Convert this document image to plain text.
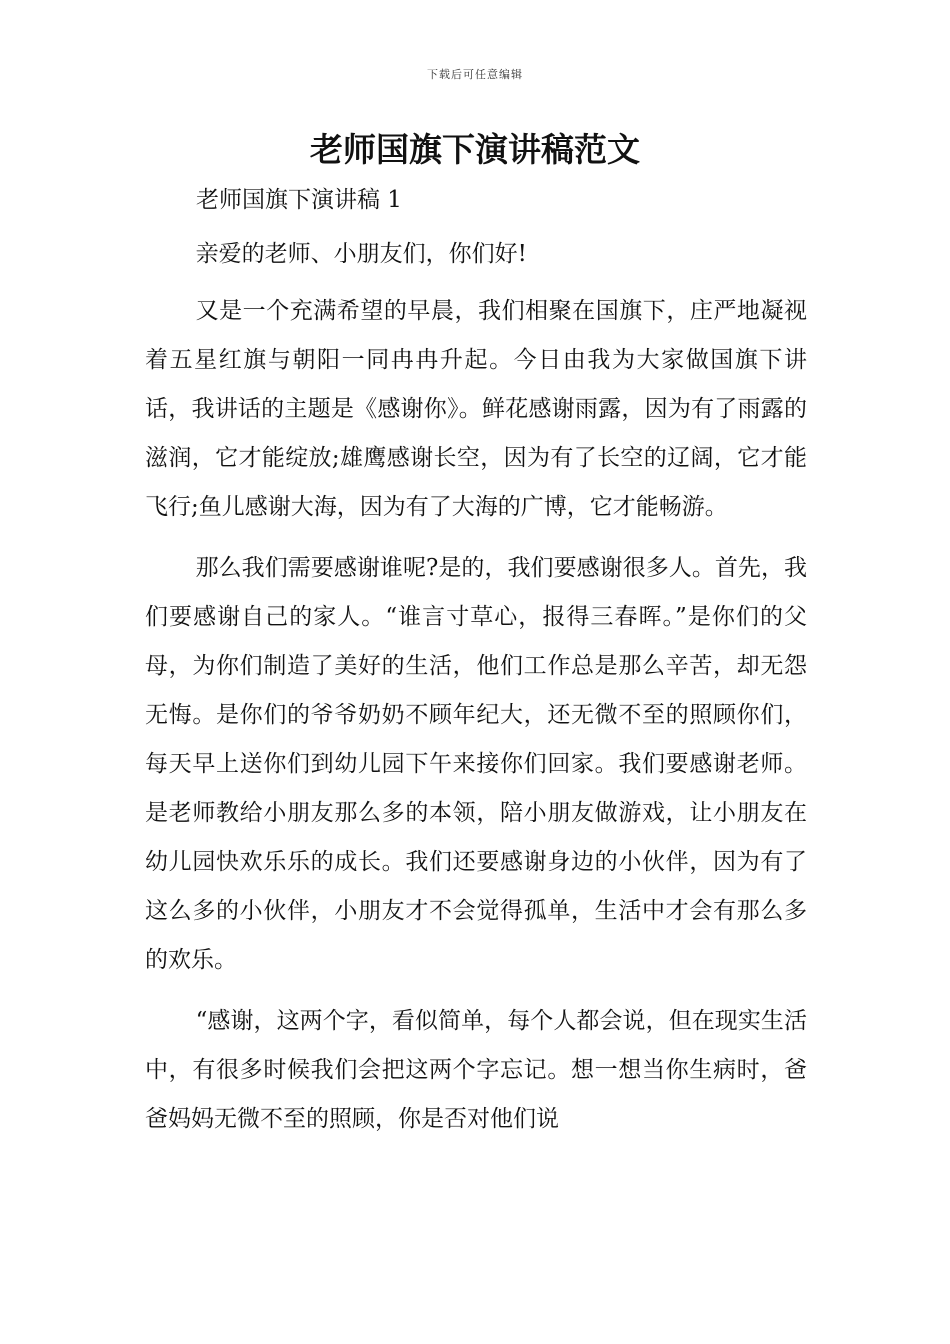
下载后可任意编辑
老师国旗下演讲稿范文
老师国旗下演讲稿 1

亲爱的老师、小朋友们，你们好!

又是一个充满希望的早晨，我们相聚在国旗下，庄严地凝视着五星红旗与朝阳一同冉冉升起。今日由我为大家做国旗下讲话，我讲话的主题是《感谢你》。鲜花感谢雨露，因为有了雨露的滋润，它才能绽放;雄鹰感谢长空，因为有了长空的辽阔，它才能飞行;鱼儿感谢大海，因为有了大海的广博，它才能畅游。

那么我们需要感谢谁呢?是的，我们要感谢很多人。首先，我们要感谢自己的家人。“谁言寸草心，报得三春晖。”是你们的父母，为你们制造了美好的生活，他们工作总是那么辛苦，却无怨无悔。是你们的爷爷奶奶不顾年纪大，还无微不至的照顾你们，每天早上送你们到幼儿园下午来接你们回家。我们要感谢老师。是老师教给小朋友那么多的本领，陪小朋友做游戏，让小朋友在幼儿园快欢乐乐的成长。我们还要感谢身边的小伙伴，因为有了这么多的小伙伴，小朋友才不会觉得孤单，生活中才会有那么多的欢乐。

“感谢，这两个字，看似简单，每个人都会说，但在现实生活中，有很多时候我们会把这两个字忘记。想一想当你生病时，爸爸妈妈无微不至的照顾，你是否对他们说
